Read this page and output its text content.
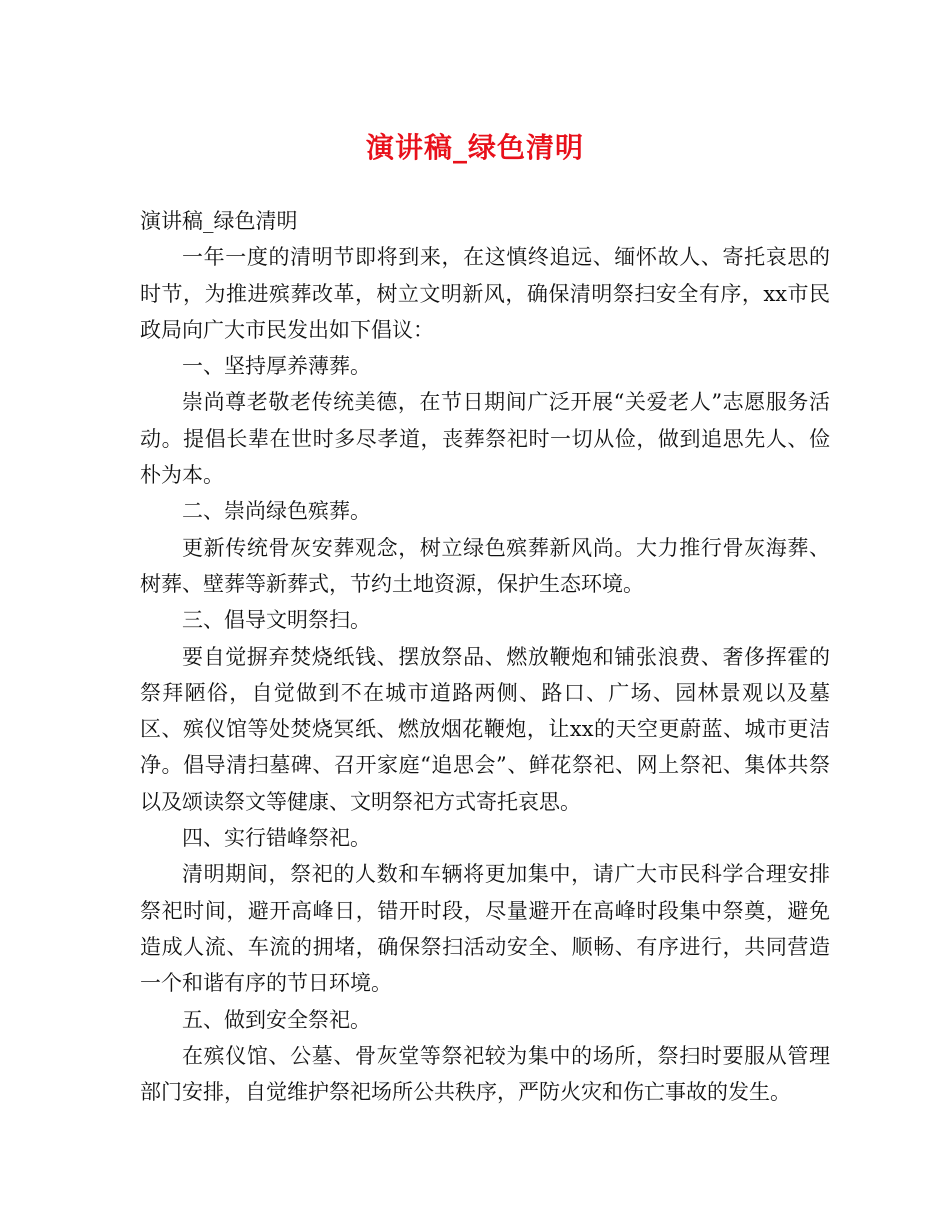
演讲稿_绿色清明

演讲稿_绿色清明

一年一度的清明节即将到来，在这慎终追远、缅怀故人、寄托哀思的时节，为推进殡葬改革，树立文明新风，确保清明祭扫安全有序，xx市民政局向广大市民发出如下倡议：

一、坚持厚养薄葬。

崇尚尊老敬老传统美德，在节日期间广泛开展“关爱老人”志愿服务活动。提倡长辈在世时多尽孝道，丧葬祭祀时一切从俭，做到追思先人、俭朴为本。

二、崇尚绿色殡葬。

更新传统骨灰安葬观念，树立绿色殡葬新风尚。大力推行骨灰海葬、树葬、壁葬等新葬式，节约土地资源，保护生态环境。

三、倡导文明祭扫。

要自觉摒弃焚烧纸钱、摆放祭品、燃放鞭炮和铺张浪费、奢侈挥霍的祭拜陋俗，自觉做到不在城市道路两侧、路口、广场、园林景观以及墓区、殡仪馆等处焚烧冥纸、燃放烟花鞭炮，让xx的天空更蔚蓝、城市更洁净。倡导清扫墓碑、召开家庭“追思会”、鲜花祭祀、网上祭祀、集体共祭以及颂读祭文等健康、文明祭祀方式寄托哀思。

四、实行错峰祭祀。

清明期间，祭祀的人数和车辆将更加集中，请广大市民科学合理安排祭祀时间，避开高峰日，错开时段，尽量避开在高峰时段集中祭奠，避免造成人流、车流的拥堵，确保祭扫活动安全、顺畅、有序进行，共同营造一个和谐有序的节日环境。

五、做到安全祭祀。

在殡仪馆、公墓、骨灰堂等祭祀较为集中的场所，祭扫时要服从管理部门安排，自觉维护祭祀场所公共秩序，严防火灾和伤亡事故的发生。
